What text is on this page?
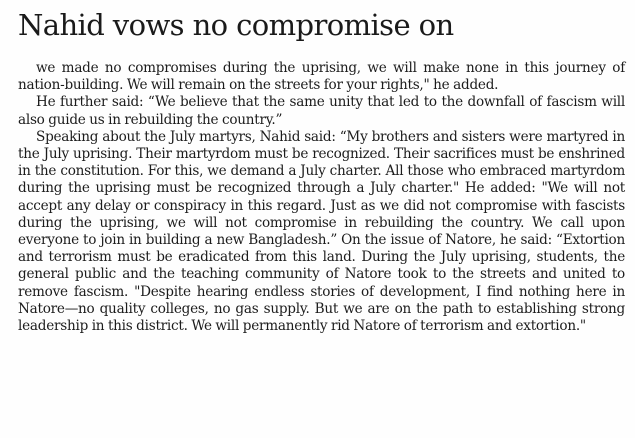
Nahid vows no compromise on

we made no compromises during the uprising, we will make none in this journey of nation-building. We will remain on the streets for your rights," he added.

He further said: “We believe that the same unity that led to the downfall of fascism will also guide us in rebuilding the country.”

Speaking about the July martyrs, Nahid said: “My brothers and sisters were martyred in the July uprising. Their martyrdom must be recognized. Their sacrifices must be enshrined in the constitution. For this, we demand a July charter. All those who embraced martyrdom during the uprising must be recognized through a July charter." He added: "We will not accept any delay or conspiracy in this regard. Just as we did not compromise with fascists during the uprising, we will not compromise in rebuilding the country. We call upon everyone to join in building a new Bangladesh.” On the issue of Natore, he said: “Extortion and terrorism must be eradicated from this land. During the July uprising, students, the general public and the teaching community of Natore took to the streets and united to remove fascism. "Despite hearing endless stories of development, I find nothing here in Natore—no quality colleges, no gas supply. But we are on the path to establishing strong leadership in this district. We will permanently rid Natore of terrorism and extortion."
